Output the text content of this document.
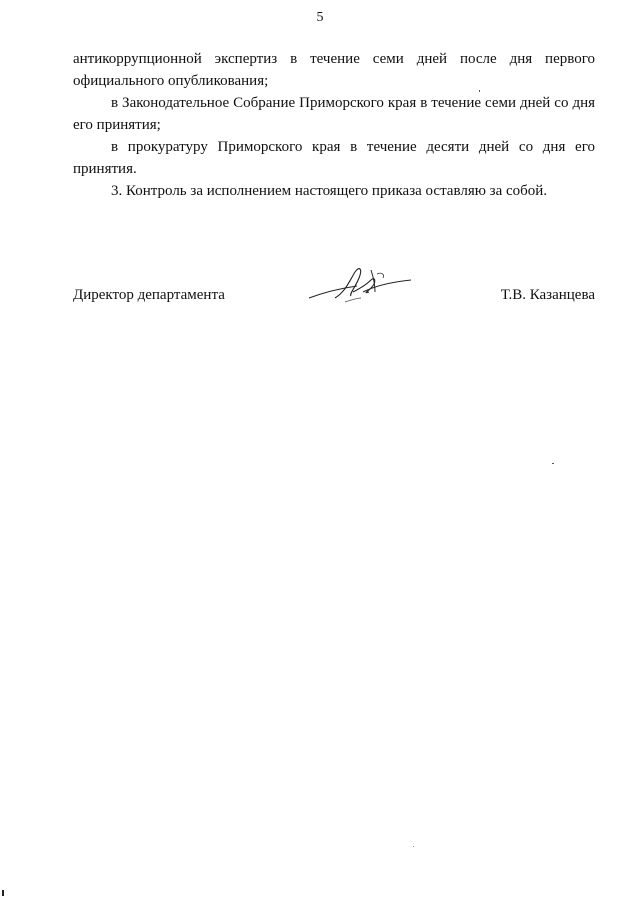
5

антикоррупционной экспертиз в течение семи дней после дня первого официального опубликования;

в Законодательное Собрание Приморского края в течение семи дней со дня его принятия;

в прокуратуру Приморского края в течение десяти дней со дня его принятия.

3. Контроль за исполнением настоящего приказа оставляю за собой.

Директор департамента	Т.В. Казанцева
